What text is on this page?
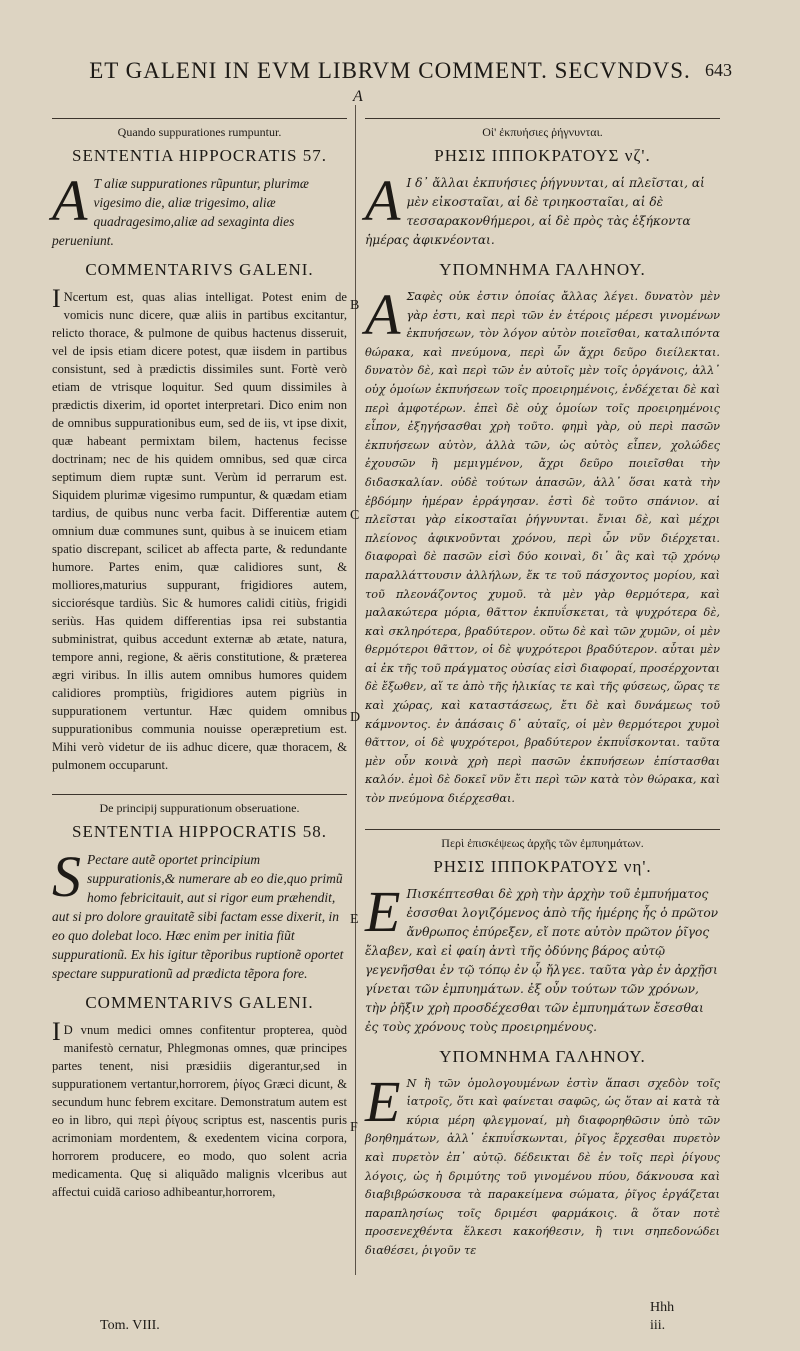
ET GALENI IN EVM LIBRVM COMMENT. SECVNDVS. 643
A
B
C
D
E
F
Quando suppurationes rumpuntur.
SENTENTIA HIPPOCRATIS 57.
A T aliæ suppurationes rũpuntur, plurimæ vigesimo die, aliæ trigesimo, aliæ quadragesimo,aliæ ad sexaginta dies perueniunt.
COMMENTARIVS GALENI.
I Ncertum est, quas alias intelligat. Potest enim de vomicis nunc dicere, quæ aliis in partibus excitantur, relicto thorace, & pulmone de quibus hactenus disseruit, vel de ipsis etiam dicere potest, quæ iisdem in partibus consistunt, sed à prædictis dissimiles sunt. Fortè verò etiam de vtrisque loquitur. Sed quum dissimiles à prædictis dixerim, id oportet interpretari. Dico enim non de omnibus suppurationibus eum, sed de iis, vt ipse dixit, quæ habeant permixtam bilem, hactenus fecisse doctrinam; nec de his quidem omnibus, sed quæ circa septimum diem ruptæ sunt. Verùm id perrarum est. Siquidem plurimæ vigesimo rumpuntur, & quædam etiam tardius, de quibus nunc verba facit. Differentiæ autem omnium duæ communes sunt, quibus à se inuicem etiam spatio discrepant, scilicet ab affecta parte, & redundante humore. Partes enim, quæ calidiores sunt, & molliores,maturius suppurant, frigidiores autem, sicciorésque tardiùs. Sic & humores calidi citiùs, frigidi seriùs. Has quidem differentias ipsa rei substantia subministrat, quibus accedunt externæ ab ætate, natura, tempore anni, regione, & aëris constitutione, & præterea ægri viribus. In illis autem omnibus humores quidem calidiores promptiùs, frigidiores autem pigriùs in suppurationem vertuntur. Hæc quidem omnibus suppurationibus communia nouisse operæpretium est. Mihi verò videtur de iis adhuc dicere, quæ thoracem, & pulmonem occuparunt.
De principij suppurationum obseruatione.
SENTENTIA HIPPOCRATIS 58.
S Pectare autẽ oportet principium suppurationis,& numerare ab eo die,quo primũ homo febricitauit, aut si rigor eum præhendit, aut si pro dolore grauitatẽ sibi factam esse dixerit, in eo quo dolebat loco. Hæc enim per initia fiũt suppurationũ. Ex his igitur tẽporibus ruptionẽ oportet spectare suppurationũ ad prædicta tẽpora fore.
COMMENTARIVS GALENI.
I D vnum medici omnes confitentur propterea, quòd manifestò cernatur, Phlegmonas omnes, quæ principes partes tenent, nisi præsidiis digerantur,sed in suppurationem vertantur,horrorem, ῥίγος Græci dicunt, & secundum hunc febrem excitare. Demonstratum autem est eo in libro, qui περὶ ῥίγους scriptus est, nascentis puris acrimoniam mordentem, & exedentem vicina corpora, horrorem producere, eo modo, quo solent acria medicamenta. Quę si aliquãdo malignis vlceribus aut affectui cuidã carioso adhibeantur,horrorem,
Οἱ' ἐκπυήσιες ῥήγνυνται.
ΡΗΣΙΣ ΙΠΠΟΚΡΑΤΟΥΣ νζ'.
A Ι δ᾽ ἄλλαι ἐκπυήσιες ῥήγνυνται, αἱ πλεῖσται, αἱ μὲν εἰκοσταῖαι, αἱ δὲ τριηκοσταῖαι, αἱ δὲ τεσσαρακονθήμεροι, αἱ δὲ πρὸς τὰς ἑξήκοντα ἡμέρας ἀφικνέονται.
ΥΠΟΜΝΗΜΑ ΓΑΛΗΝΟΥ.
A Σαφὲς οὐκ ἐστιν ὁποίας ἄλλας λέγει. δυνατὸν μὲν γὰρ ἐστι, καὶ περὶ τῶν ἐν ἑτέροις μέρεσι γινομένων ἐκπυήσεων, τὸν λόγον αὐτὸν ποιεῖσθαι, καταλιπόντα θώρακα, καὶ πνεύμονα, περὶ ὧν ἄχρι δεῦρο διείλεκται. δυνατὸν δὲ, καὶ περὶ τῶν ἐν αὐτοῖς μὲν τοῖς ὀργάνοις, ἀλλ᾽ οὐχ ὁμοίων ἐκπυήσεων τοῖς προειρημένοις, ἐνδέχεται δὲ καὶ περὶ ἀμφοτέρων. ἐπεὶ δὲ οὐχ ὁμοίων τοῖς προειρημένοις εἶπον, ἐξηγήσασθαι χρὴ τοῦτο. φημὶ γὰρ, οὐ περὶ πασῶν ἐκπυήσεων αὐτὸν, ἀλλὰ τῶν, ὡς αὐτὸς εἶπεν, χολώδες ἐχουσῶν ἢ μεμιγμένον, ἄχρι δεῦρο ποιεῖσθαι τὴν διδασκαλίαν. οὐδὲ τούτων ἁπασῶν, ἀλλ᾽ ὅσαι κατὰ τὴν ἑβδόμην ἡμέραν ἐρράγησαν. ἐστὶ δὲ τοῦτο σπάνιον. αἱ πλεῖσται γὰρ εἰκοσταῖαι ῥήγνυνται. ἔνιαι δὲ, καὶ μέχρι πλείονος ἀφικνοῦνται χρόνου, περὶ ὧν νῦν διέρχεται. διαφοραὶ δὲ πασῶν εἰσὶ δύο κοιναὶ, δι᾽ ἃς καὶ τῷ χρόνῳ παραλλάττουσιν ἀλλήλων, ἔκ τε τοῦ πάσχοντος μορίου, καὶ τοῦ πλεονάζοντος χυμοῦ. τὰ μὲν γὰρ θερμότερα, καὶ μαλακώτερα μόρια, θᾶττον ἐκπυΐσκεται, τὰ ψυχρότερα δὲ, καὶ σκληρότερα, βραδύτερον. οὕτω δὲ καὶ τῶν χυμῶν, οἱ μὲν θερμότεροι θᾶττον, οἱ δὲ ψυχρότεροι βραδύτερον. αὗται μὲν αἱ ἐκ τῆς τοῦ πράγματος οὐσίας εἰσὶ διαφοραί, προσέρχονται δὲ ἔξωθεν, αἵ τε ἀπὸ τῆς ἡλικίας τε καὶ τῆς φύσεως, ὥρας τε καὶ χώρας, καὶ καταστάσεως, ἔτι δὲ καὶ δυνάμεως τοῦ κάμνοντος. ἐν ἁπάσαις δ᾽ αὐταῖς, οἱ μὲν θερμότεροι χυμοὶ θᾶττον, οἱ δὲ ψυχρότεροι, βραδύτερον ἐκπυΐσκονται. ταῦτα μὲν οὖν κοινὰ χρὴ περὶ πασῶν ἐκπυήσεων ἐπίστασθαι καλόν. ἐμοὶ δὲ δοκεῖ νῦν ἔτι περὶ τῶν κατὰ τὸν θώρακα, καὶ τὸν πνεύμονα διέρχεσθαι.
Περὶ ἐπισκέψεως ἀρχῆς τῶν ἐμπυημάτων.
ΡΗΣΙΣ ΙΠΠΟΚΡΑΤΟΥΣ νη'.
E Πισκέπτεσθαι δὲ χρὴ τὴν ἀρχὴν τοῦ ἐμπυήματος ἐσσσθαι λογιζόμενος ἀπὸ τῆς ἡμέρης ἧς ὁ πρῶτον ἄνθρωπος ἐπύρεξεν, εἴ ποτε αὐτὸν πρῶτον ῥῖγος ἔλαβεν, καὶ εἰ φαίη ἀντὶ τῆς ὀδύνης βάρος αὐτῷ γεγενῆσθαι ἐν τῷ τόπῳ ἐν ᾧ ἤλγεε. ταῦτα γὰρ ἐν ἀρχῇσι γίνεται τῶν ἐμπυημάτων. ἐξ οὖν τούτων τῶν χρόνων, τὴν ῥῆξιν χρὴ προσδέχεσθαι τῶν ἐμπυημάτων ἔσεσθαι ἐς τοὺς χρόνους τοὺς προειρημένους.
ΥΠΟΜΝΗΜΑ ΓΑΛΗΝΟΥ.
E Ν ἢ τῶν ὁμολογουμένων ἐστὶν ἅπασι σχεδὸν τοῖς ἰατροῖς, ὅτι καὶ φαίνεται σαφῶς, ὡς ὅταν αἱ κατὰ τὰ κύρια μέρη φλεγμοναί, μὴ διαφορηθῶσιν ὑπὸ τῶν βοηθημάτων, ἀλλ᾽ ἐκπυΐσκωνται, ῥῖγος ἔρχεσθαι πυρετὸν καὶ πυρετὸν ἐπ᾽ αὐτῷ. δέδεικται δὲ ἐν τοῖς περὶ ῥίγους λόγοις, ὡς ἡ δριμύτης τοῦ γινομένου πύου, δάκνουσα καὶ διαβιβρώσκουσα τὰ παρακείμενα σώματα, ῥῖγος ἐργάζεται παραπλησίως τοῖς δριμέσι φαρμάκοις. ἃ ὅταν ποτὲ προσενεχθέντα ἕλκεσι κακοήθεσιν, ἢ τινι σηπεδονώδει διαθέσει, ῥιγοῦν τε
Tom. VIII.
Hhh
iii.
